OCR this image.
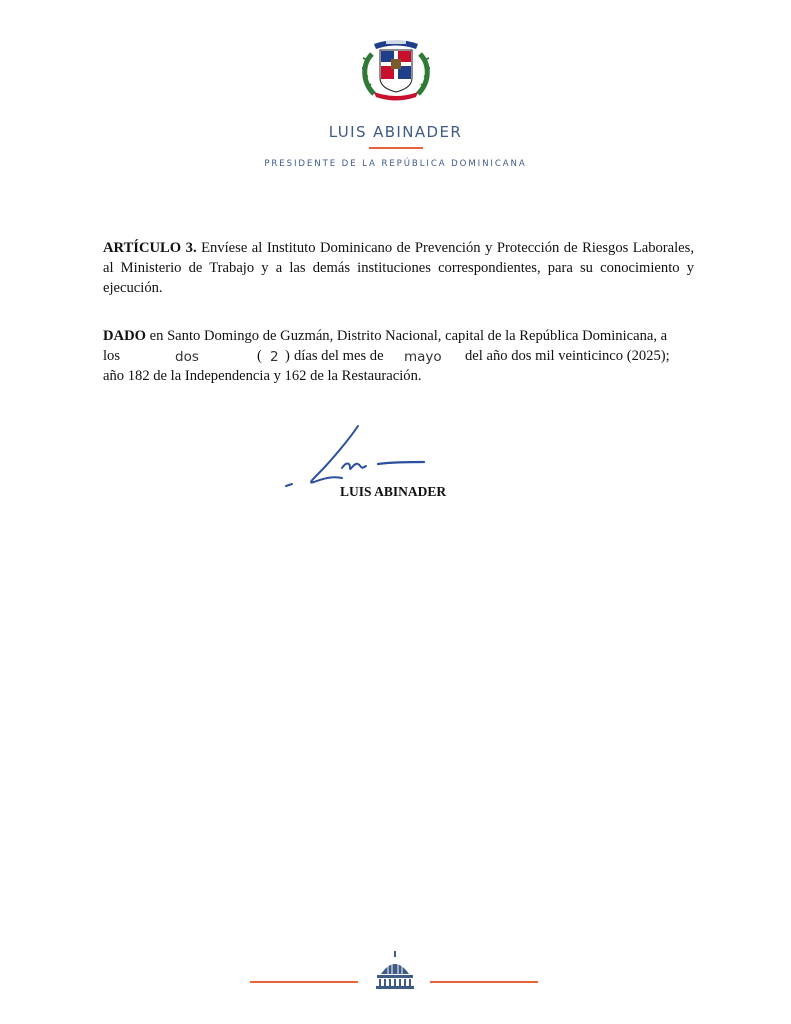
LUIS ABINADER
PRESIDENTE DE LA REPÚBLICA DOMINICANA

ARTÍCULO 3. Envíese al Instituto Dominicano de Prevención y Protección de Riesgos Laborales, al Ministerio de Trabajo y a las demás instituciones correspondientes, para su conocimiento y ejecución.

DADO en Santo Domingo de Guzmán, Distrito Nacional, capital de la República Dominicana, a

los	dos	( 2 ) días del mes de mayo del año dos mil veinticinco (2025);

año 182 de la Independencia y 162 de la Restauración.

LUIS ABINADER
